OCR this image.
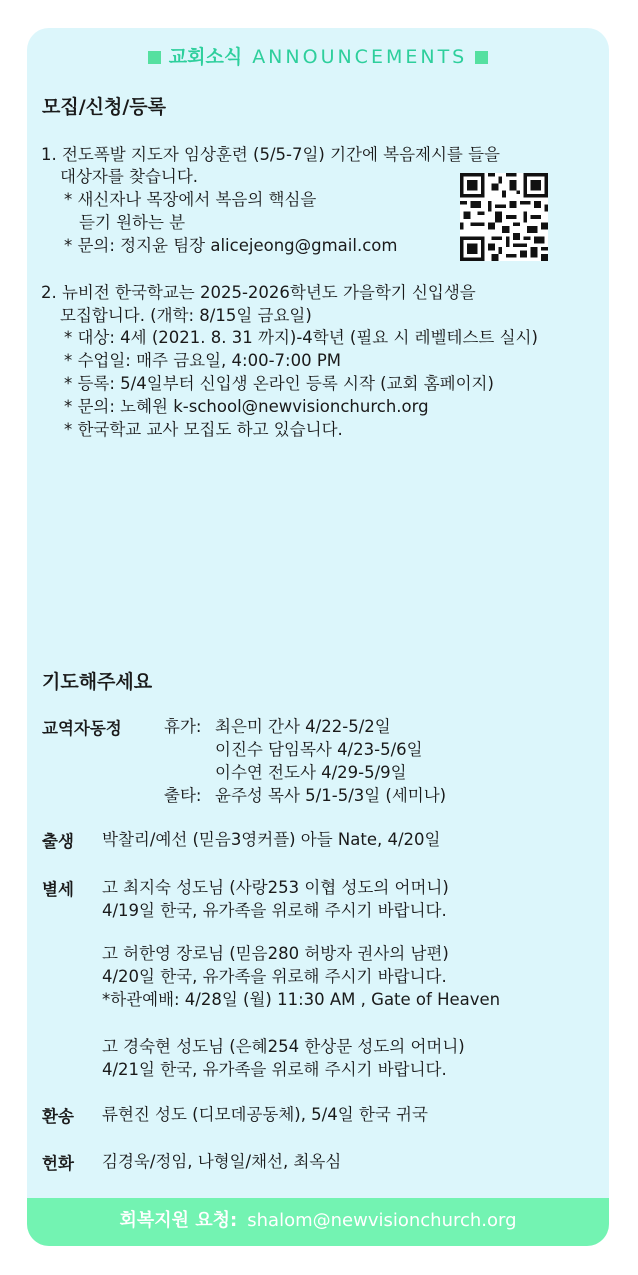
교회소식 ANNOUNCEMENTS
모집/신청/등록
1. 전도폭발 지도자 임상훈련 (5/5-7일) 기간에 복음제시를 들을
대상자를 찾습니다.
* 새신자나 목장에서 복음의 핵심을
듣기 원하는 분
* 문의: 정지윤 팀장 alicejeong@gmail.com
2. 뉴비전 한국학교는 2025-2026학년도 가을학기 신입생을
모집합니다. (개학: 8/15일 금요일)
* 대상: 4세 (2021. 8. 31 까지)-4학년 (필요 시 레벨테스트 실시)
* 수업일: 매주 금요일, 4:00-7:00 PM
* 등록: 5/4일부터 신입생 온라인 등록 시작 (교회 홈페이지)
* 문의: 노혜원 k-school@newvisionchurch.org
* 한국학교 교사 모집도 하고 있습니다.
기도해주세요
교역자동정	휴가: 최은미 간사 4/22-5/2일
이진수 담임목사 4/23-5/6일
이수연 전도사 4/29-5/9일
출타: 윤주성 목사 5/1-5/3일 (세미나)
출생 박찰리/예선 (믿음3영커플) 아들 Nate, 4/20일
별세 고 최지숙 성도님 (사랑253 이협 성도의 어머니)
4/19일 한국, 유가족을 위로해 주시기 바랍니다.
고 허한영 장로님 (믿음280 허방자 권사의 남편)
4/20일 한국, 유가족을 위로해 주시기 바랍니다.
*하관예배: 4/28일 (월) 11:30 AM , Gate of Heaven
고 경숙현 성도님 (은혜254 한상문 성도의 어머니)
4/21일 한국, 유가족을 위로해 주시기 바랍니다.
환송 류현진 성도 (디모데공동체), 5/4일 한국 귀국
헌화 김경욱/정임, 나형일/채선, 최옥심
회복지원 요청: shalom@newvisionchurch.org
